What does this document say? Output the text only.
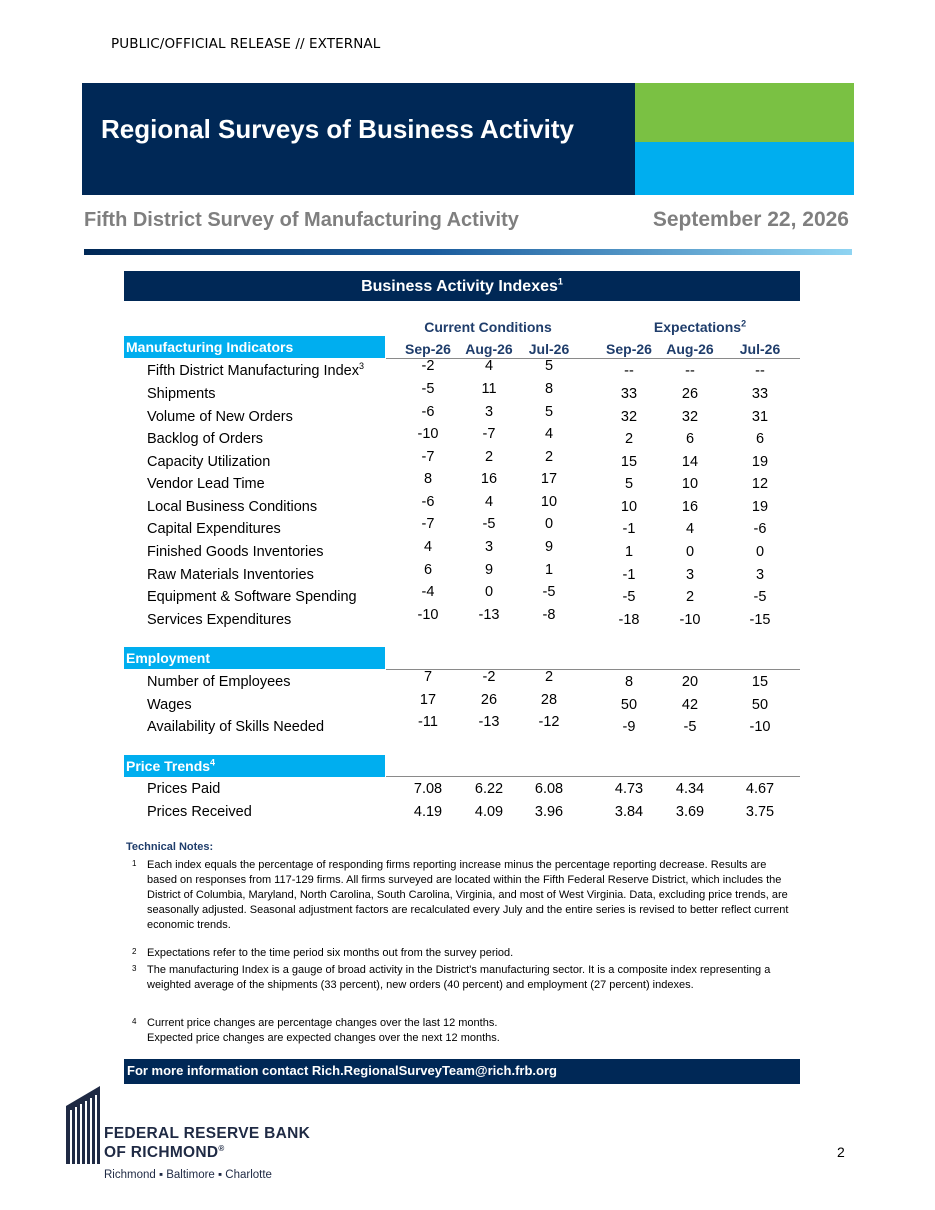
PUBLIC/OFFICIAL RELEASE // EXTERNAL
Regional Surveys of Business Activity
Fifth District Survey of Manufacturing Activity	September 22, 2026
Business Activity Indexes$^1$
Current Conditions	Expectations$^2$
Manufacturing Indicators	Sep-26	Aug-26	Jul-26	Sep-26	Aug-26	Jul-26
Fifth District Manufacturing Index$^3$	-2	4	5	--	--	--
Shipments	-5	11	8	33	26	33
Volume of New Orders	-6	3	5	32	32	31
Backlog of Orders	-10	-7	4	2	6	6
Capacity Utilization	-7	2	2	15	14	19
Vendor Lead Time	8	16	17	5	10	12
Local Business Conditions	-6	4	10	10	16	19
Capital Expenditures	-7	-5	0	-1	4	-6
Finished Goods Inventories	4	3	9	1	0	0
Raw Materials Inventories	6	9	1	-1	3	3
Equipment & Software Spending	-4	0	-5	-5	2	-5
Services Expenditures	-10	-13	-8	-18	-10	-15
Employment
Number of Employees	7	-2	2	8	20	15
Wages	17	26	28	50	42	50
Availability of Skills Needed	-11	-13	-12	-9	-5	-10
Price Trends$^4$
Prices Paid	7.08	6.22	6.08	4.73	4.34	4.67
Prices Received	4.19	4.09	3.96	3.84	3.69	3.75
Technical Notes:
1 Each index equals the percentage of responding firms reporting increase minus the percentage reporting decrease. Results are based on responses from 117-129 firms. All firms surveyed are located within the Fifth Federal Reserve District, which includes the District of Columbia, Maryland, North Carolina, South Carolina, Virginia, and most of West Virginia. Data, excluding price trends, are seasonally adjusted. Seasonal adjustment factors are recalculated every July and the entire series is revised to better reflect current economic trends.
2 Expectations refer to the time period six months out from the survey period.
3 The manufacturing Index is a gauge of broad activity in the District's manufacturing sector. It is a composite index representing a weighted average of the shipments (33 percent), new orders (40 percent) and employment (27 percent) indexes.
4 Current price changes are percentage changes over the last 12 months.
Expected price changes are expected changes over the next 12 months.
For more information contact Rich.RegionalSurveyTeam@rich.frb.org
FEDERAL RESERVE BANK
OF RICHMOND®
Richmond ▪ Baltimore ▪ Charlotte
2
